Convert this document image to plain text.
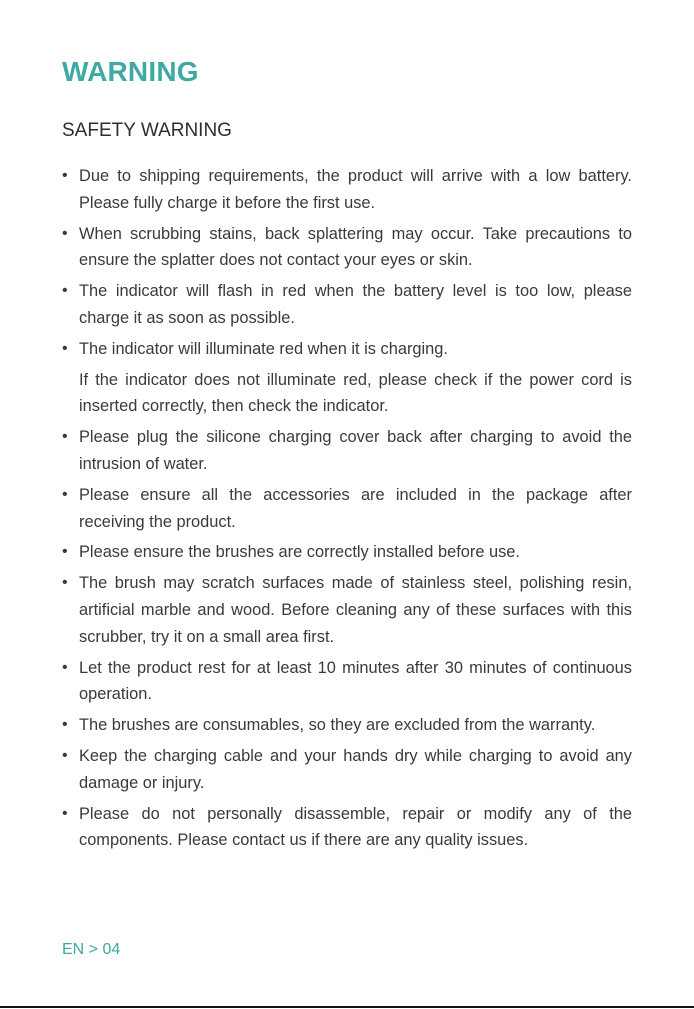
WARNING
SAFETY WARNING
• Due to shipping requirements, the product will arrive with a low battery. Please fully charge it before the first use.
• When scrubbing stains, back splattering may occur. Take precautions to ensure the splatter does not contact your eyes or skin.
• The indicator will flash in red when the battery level is too low, please charge it as soon as possible.
• The indicator will illuminate red when it is charging.
If the indicator does not illuminate red, please check if the power cord is inserted correctly, then check the indicator.
• Please plug the silicone charging cover back after charging to avoid the intrusion of water.
• Please ensure all the accessories are included in the package after receiving the product.
• Please ensure the brushes are correctly installed before use.
• The brush may scratch surfaces made of stainless steel, polishing resin, artificial marble and wood. Before cleaning any of these surfaces with this scrubber, try it on a small area first.
• Let the product rest for at least 10 minutes after 30 minutes of continuous operation.
• The brushes are consumables, so they are excluded from the warranty.
• Keep the charging cable and your hands dry while charging to avoid any damage or injury.
• Please do not personally disassemble, repair or modify any of the components. Please contact us if there are any quality issues.
EN > 04
